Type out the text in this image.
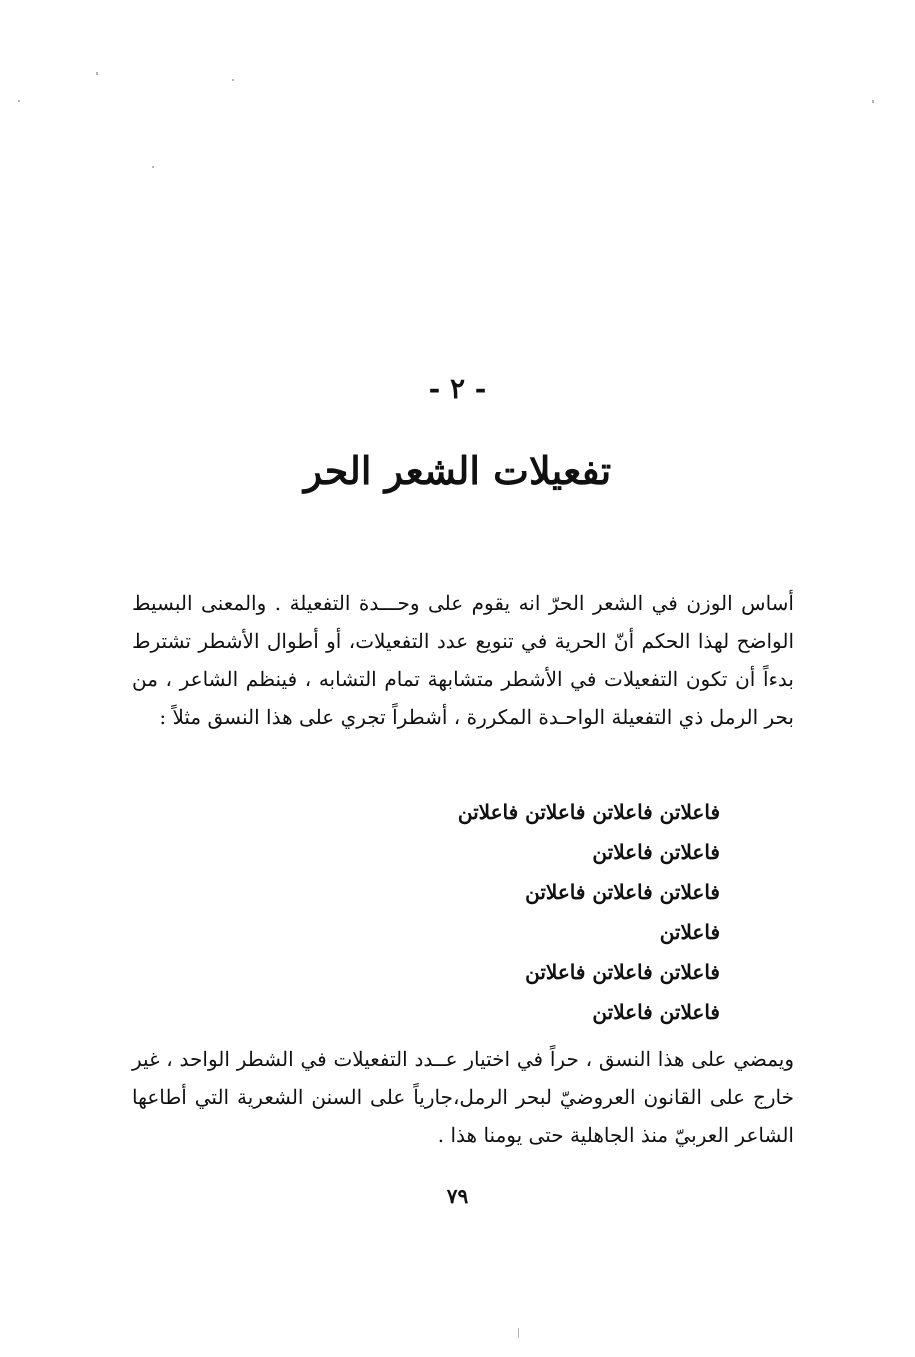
- ٢ -
تفعيلات الشعر الحر
أساس الوزن في الشعر الحرّ انه يقوم على وحـــدة التفعيلة . والمعنى البسيط الواضح لهذا الحكم أنّ الحرية في تنويع عدد التفعيلات، أو أطوال الأشطر تشترط بدءاً أن تكون التفعيلات في الأشطر متشابهة تمام التشابه ، فينظم الشاعر ، من بحر الرمل ذي التفعيلة الواحـدة المكررة ، أشطراً تجري على هذا النسق مثلاً :
فاعلاتن فاعلاتن فاعلاتن فاعلاتن
فاعلاتن فاعلاتن
فاعلاتن فاعلاتن فاعلاتن
فاعلاتن
فاعلاتن فاعلاتن فاعلاتن
فاعلاتن فاعلاتن
ويمضي على هذا النسق ، حراً في اختيار عــدد التفعيلات في الشطر الواحد ، غير خارج على القانون العروضيّ لبحر الرمل،جارياً على السنن الشعرية التي أطاعها الشاعر العربيّ منذ الجاهلية حتى يومنا هذا .
٧٩
